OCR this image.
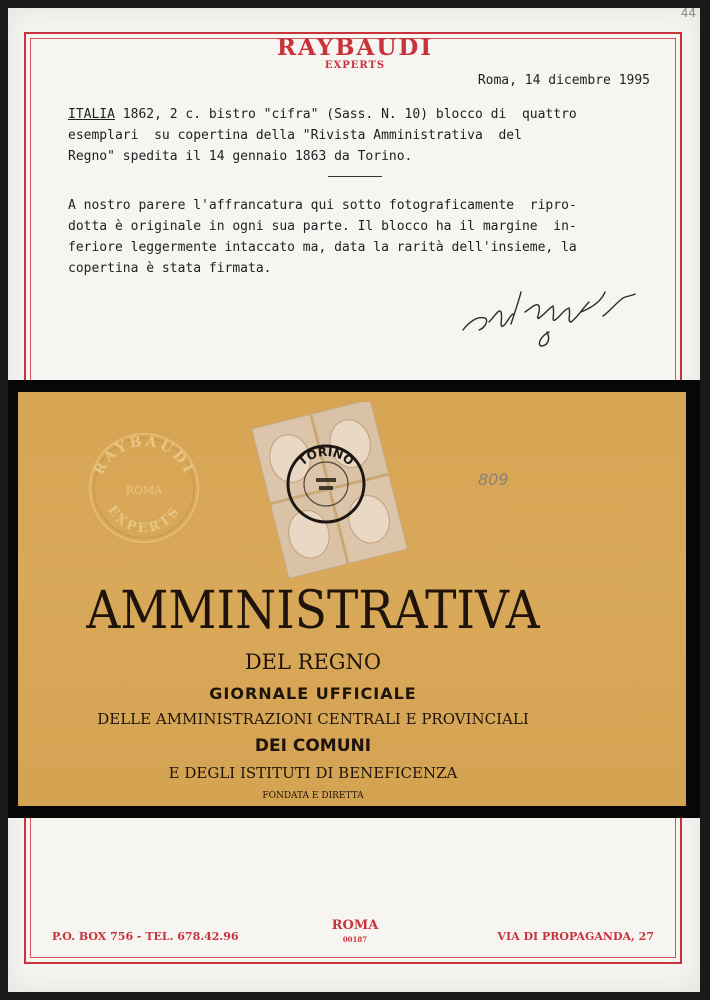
44
RAYBAUDI
EXPERTS
Roma, 14 dicembre 1995
ITALIA 1862, 2 c. bistro "cifra" (Sass. N. 10) blocco di  quattro
esemplari  su copertina della "Rivista Amministrativa  del
Regno" spedita il 14 gennaio 1863 da Torino.
A nostro parere l'affrancatura qui sotto fotograficamente  ripro-
dotta è originale in ogni sua parte. Il blocco ha il margine  in-
feriore leggermente intaccato ma, data la rarità dell'insieme, la
copertina è stata firmata.
RAYBAUDI
ROMA
EXPERTS
TORINO
809
AMMINISTRATIVA
DEL REGNO
GIORNALE UFFICIALE
DELLE AMMINISTRAZIONI CENTRALI E PROVINCIALI
DEI COMUNI
E DEGLI ISTITUTI DI BENEFICENZA
FONDATA E DIRETTA
P.O. BOX 756 - TEL. 678.42.96
ROMA
00187	VIA DI PROPAGANDA, 27
